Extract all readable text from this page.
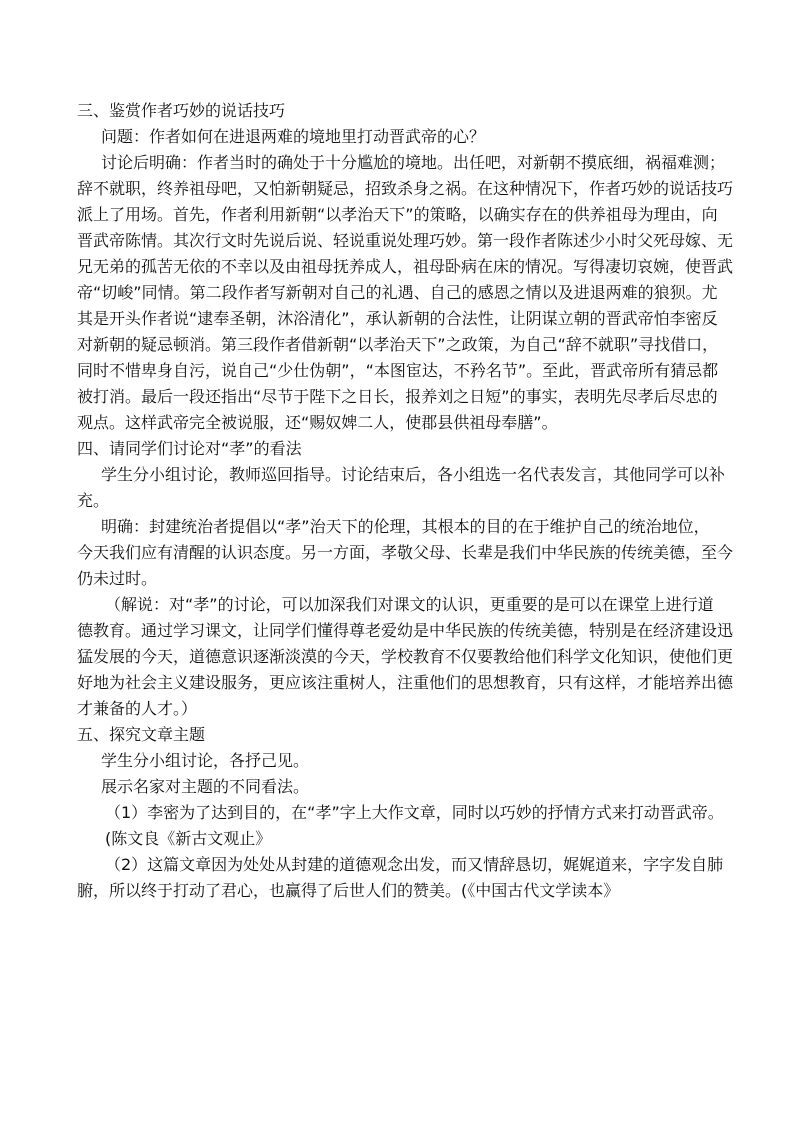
三、鉴赏作者巧妙的说话技巧
问题：作者如何在进退两难的境地里打动晋武帝的心？
讨论后明确：作者当时的确处于十分尴尬的境地。出任吧，对新朝不摸底细，祸福难测；
辞不就职，终养祖母吧，又怕新朝疑忌，招致杀身之祸。在这种情况下，作者巧妙的说话技巧
派上了用场。首先，作者利用新朝“以孝治天下”的策略，以确实存在的供养祖母为理由，向
晋武帝陈情。其次行文时先说后说、轻说重说处理巧妙。第一段作者陈述少小时父死母嫁、无
兄无弟的孤苦无依的不幸以及由祖母抚养成人，祖母卧病在床的情况。写得凄切哀婉，使晋武
帝“切峻”同情。第二段作者写新朝对自己的礼遇、自己的感恩之情以及进退两难的狼狈。尤
其是开头作者说“逮奉圣朝，沐浴清化”，承认新朝的合法性，让阴谋立朝的晋武帝怕李密反
对新朝的疑忌顿消。第三段作者借新朝“以孝治天下”之政策，为自己“辞不就职”寻找借口，
同时不惜卑身自污，说自己“少仕伪朝”，“本图宦达，不矜名节”。至此，晋武帝所有猜忌都
被打消。最后一段还指出“尽节于陛下之日长，报养刘之日短”的事实，表明先尽孝后尽忠的
观点。这样武帝完全被说服，还“赐奴婢二人，使郡县供祖母奉膳”。
四、请同学们讨论对“孝”的看法
学生分小组讨论，教师巡回指导。讨论结束后，各小组选一名代表发言，其他同学可以补
充。
明确：封建统治者提倡以“孝”治天下的伦理，其根本的目的在于维护自己的统治地位，
今天我们应有清醒的认识态度。另一方面，孝敬父母、长辈是我们中华民族的传统美德，至今
仍未过时。
（解说：对“孝”的讨论，可以加深我们对课文的认识，更重要的是可以在课堂上进行道
德教育。通过学习课文，让同学们懂得尊老爱幼是中华民族的传统美德，特别是在经济建设迅
猛发展的今天，道德意识逐渐淡漠的今天，学校教育不仅要教给他们科学文化知识，使他们更
好地为社会主义建设服务，更应该注重树人，注重他们的思想教育，只有这样，才能培养出德
才兼备的人才。）
五、探究文章主题
学生分小组讨论，各抒己见。
展示名家对主题的不同看法。
（1）李密为了达到目的，在“孝”字上大作文章，同时以巧妙的抒情方式来打动晋武帝。
(陈文良《新古文观止》
（2）这篇文章因为处处从封建的道德观念出发，而又情辞恳切，娓娓道来，字字发自肺
腑，所以终于打动了君心，也赢得了后世人们的赞美。(《中国古代文学读本》
